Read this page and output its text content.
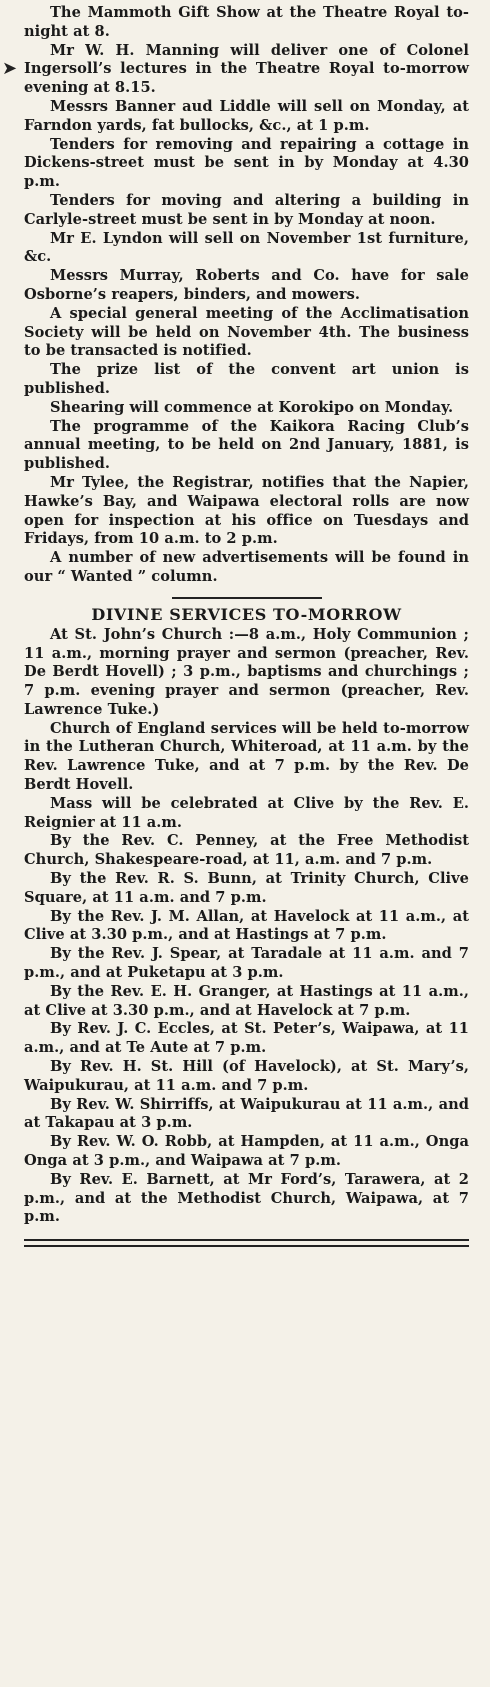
➤

The Mammoth Gift Show at the Theatre Royal to-night at 8.

Mr W. H. Manning will deliver one of Colonel Ingersoll’s lectures in the Theatre Royal to-morrow evening at 8.15.

Messrs Banner aud Liddle will sell on Monday, at Farndon yards, fat bullocks, &c., at 1 p.m.

Tenders for removing and repairing a cottage in Dickens-street must be sent in by Monday at 4.30 p.m.

Tenders for moving and altering a building in Carlyle-street must be sent in by Monday at noon.

Mr E. Lyndon will sell on November 1st furniture, &c.

Messrs Murray, Roberts and Co. have for sale Osborne’s reapers, binders, and mowers.

A special general meeting of the Acclimatisation Society will be held on November 4th. The business to be transacted is notified.

The prize list of the convent art union is published.

Shearing will commence at Korokipo on Monday.

The programme of the Kaikora Racing Club’s annual meeting, to be held on 2nd January, 1881, is published.

Mr Tylee, the Registrar, notifies that the Napier, Hawke’s Bay, and Waipawa electoral rolls are now open for inspection at his office on Tuesdays and Fridays, from 10 a.m. to 2 p.m.

A number of new advertisements will be found in our “ Wanted ” column.

DIVINE SERVICES TO-MORROW

At St. John’s Church :—8 a.m., Holy Communion ; 11 a.m., morning prayer and sermon (preacher, Rev. De Berdt Hovell) ; 3 p.m., baptisms and churchings ; 7 p.m. evening prayer and sermon (preacher, Rev. Lawrence Tuke.)

Church of England services will be held to-morrow in the Lutheran Church, Whiteroad, at 11 a.m. by the Rev. Lawrence Tuke, and at 7 p.m. by the Rev. De Berdt Hovell.

Mass will be celebrated at Clive by the Rev. E. Reignier at 11 a.m.

By the Rev. C. Penney, at the Free Methodist Church, Shakespeare-road, at 11, a.m. and 7 p.m.

By the Rev. R. S. Bunn, at Trinity Church, Clive Square, at 11 a.m. and 7 p.m.

By the Rev. J. M. Allan, at Havelock at 11 a.m., at Clive at 3.30 p.m., and at Hastings at 7 p.m.

By the Rev. J. Spear, at Taradale at 11 a.m. and 7 p.m., and at Puketapu at 3 p.m.

By the Rev. E. H. Granger, at Hastings at 11 a.m., at Clive at 3.30 p.m., and at Havelock at 7 p.m.

By Rev. J. C. Eccles, at St. Peter’s, Waipawa, at 11 a.m., and at Te Aute at 7 p.m.

By Rev. H. St. Hill (of Havelock), at St. Mary’s, Waipukurau, at 11 a.m. and 7 p.m.

By Rev. W. Shirriffs, at Waipukurau at 11 a.m., and at Takapau at 3 p.m.

By Rev. W. O. Robb, at Hampden, at 11 a.m., Onga Onga at 3 p.m., and Waipawa at 7 p.m.

By Rev. E. Barnett, at Mr Ford’s, Tarawera, at 2 p.m., and at the Methodist Church, Waipawa, at 7 p.m.
